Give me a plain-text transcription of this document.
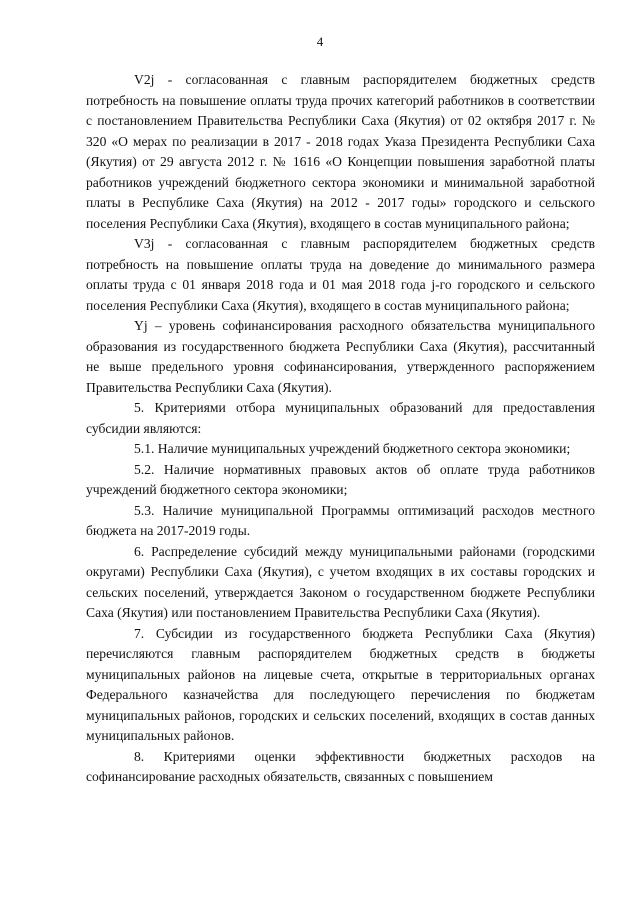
4

V2j - согласованная с главным распорядителем бюджетных средств потребность на повышение оплаты труда прочих категорий работников в соответствии с постановлением Правительства Республики Саха (Якутия) от 02 октября 2017 г. № 320 «О мерах по реализации в 2017 - 2018 годах Указа Президента Республики Саха (Якутия) от 29 августа 2012 г. № 1616 «О Концепции повышения заработной платы работников учреждений бюджетного сектора экономики и минимальной заработной платы в Республике Саха (Якутия) на 2012 - 2017 годы» городского и сельского поселения Республики Саха (Якутия), входящего в состав муниципального района;

V3j - согласованная с главным распорядителем бюджетных средств потребность на повышение оплаты труда на доведение до минимального размера оплаты труда с 01 января 2018 года и 01 мая 2018 года j-го городского и сельского поселения Республики Саха (Якутия), входящего в состав муниципального района;

Yj – уровень софинансирования расходного обязательства муниципального образования из государственного бюджета Республики Саха (Якутия), рассчитанный не выше предельного уровня софинансирования, утвержденного распоряжением Правительства Республики Саха (Якутия).

5. Критериями отбора муниципальных образований для предоставления субсидии являются:

5.1. Наличие муниципальных учреждений бюджетного сектора экономики;

5.2. Наличие нормативных правовых актов об оплате труда работников учреждений бюджетного сектора экономики;

5.3. Наличие муниципальной Программы оптимизаций расходов местного бюджета на 2017-2019 годы.

6. Распределение субсидий между муниципальными районами (городскими округами) Республики Саха (Якутия), с учетом входящих в их составы городских и сельских поселений, утверждается Законом о государственном бюджете Республики Саха (Якутия) или постановлением Правительства Республики Саха (Якутия).

7. Субсидии из государственного бюджета Республики Саха (Якутия) перечисляются главным распорядителем бюджетных средств в бюджеты муниципальных районов на лицевые счета, открытые в территориальных органах Федерального казначейства для последующего перечисления по бюджетам муниципальных районов, городских и сельских поселений, входящих в состав данных муниципальных районов.

8. Критериями оценки эффективности бюджетных расходов на софинансирование расходных обязательств, связанных с повышением
